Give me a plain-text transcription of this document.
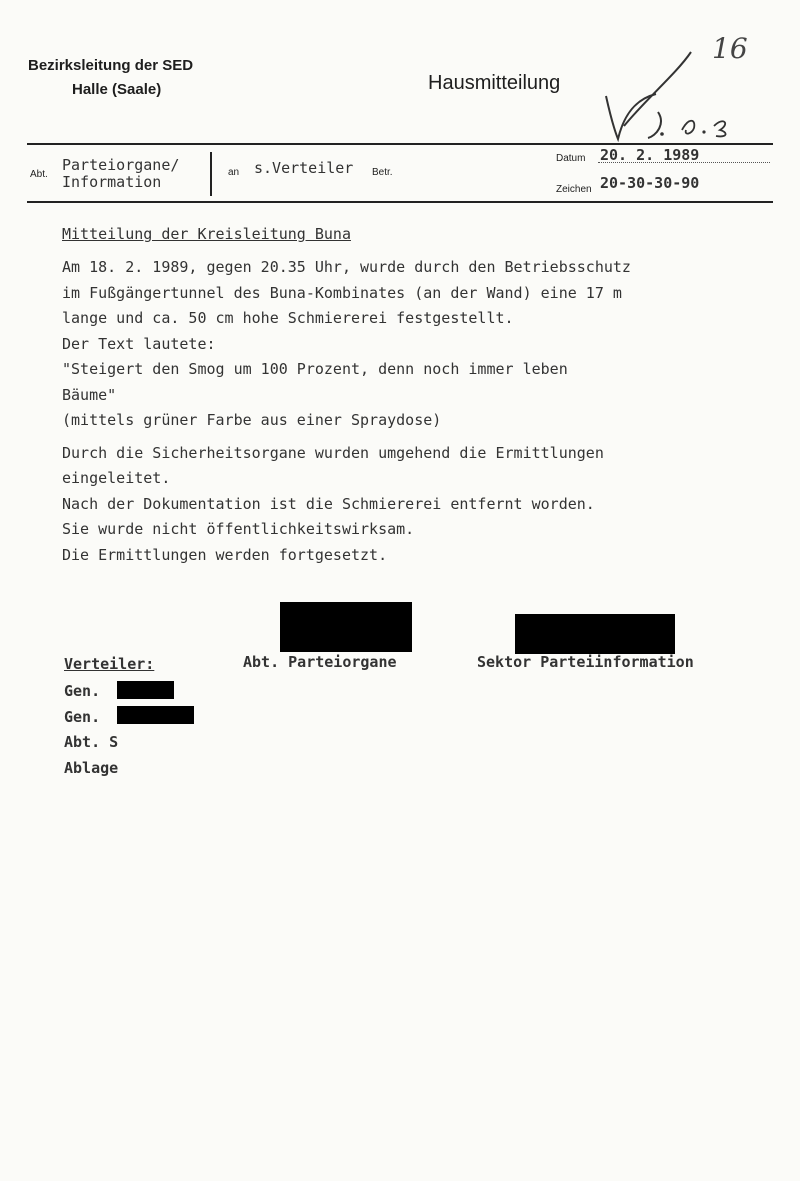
Bezirksleitung der SED
Halle (Saale)	Hausmitteilung
16
Abt.
Parteiorgane/
Information
an s.Verteiler Betr.
Datum 20. 2. 1989
Zeichen 20-30-30-90
Mitteilung der Kreisleitung Buna
Am 18. 2. 1989, gegen 20.35 Uhr, wurde durch den Betriebsschutz
im Fußgängertunnel des Buna-Kombinates (an der Wand) eine 17 m
lange und ca. 50 cm hohe Schmiererei festgestellt.
Der Text lautete:
"Steigert den Smog um 100 Prozent, denn noch immer leben
Bäume"
(mittels grüner Farbe aus einer Spraydose)
Durch die Sicherheitsorgane wurden umgehend die Ermittlungen
eingeleitet.
Nach der Dokumentation ist die Schmiererei entfernt worden.
Sie wurde nicht öffentlichkeitswirksam.
Die Ermittlungen werden fortgesetzt.
Abt. Parteiorgane	Sektor Parteiinformation
Verteiler:
Gen.
Gen.
Abt. S
Ablage
